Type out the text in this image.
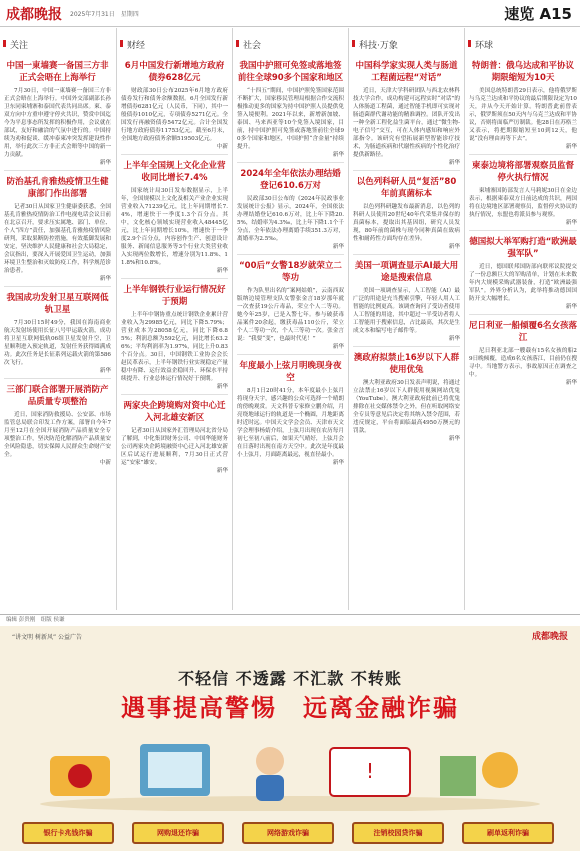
成都晚报 2025年7月31日　星期四	速览 A15
关注
中国一東墙赛一备国三方非正式会晤在上海举行
7月30日，中国一東墙赛一备国三方非正式会晤在上海举行。中国外交部副部长孙卫东同柬埔寨和泰国代表共同出席。柬、泰双方向中方重申遵守停火共识，赞赏中国迄今为平息事态所发挥的积极作用，会议就在部试，友好和融洽的气氛中进行的。中国持续为劝和促谈、缓冲泰柬冲突发挥建设性作用，举行此次三方非正式会晤等中国的新一力贡献。
新华
防治基孔肯雅热疫情卫生健康部门作出部署
记者30日从国家卫生健康委获悉，全国基孔肯雅热疫情防治工作电视电话会议日前在北京召开，要求压实属地、部门、单位、个人“四方”责任，加强基孔肯雅热疫情风险研判，采取果断防控措施，有效抵御发展和安定，坚决维护人民健康和社会大局稳定，会议指出，要深入开展爱国卫生运动，加强环境卫生整治和灭蚊防疫工作，科学规范诊治患者。
新华
我国成功发射卫星互联网低轨卫星
7月30日15时49分，我国在海南商业航天发射场使用长征八号甲运载火箭，成功将卫星互联网低轨06组卫星发射升空，卫星顺利进入预定轨道，发射任务获得圆满成功。此次任务是长征系列运载火箭的第586次飞行。
新华
三部门联合部署开展消防产品质量专项整治
近日，国家消防救援局、公安部、市场监管总局联合印发工作方案，部署自今年7月至12月在全国开展消防产品质量安全专项整治工作，坚决防范化解消防产品质量安全风险隐患，切实保障人民群众生命财产安全。
中新
财经
6月中国发行新增地方政府债券628亿元
财政部30日公布2025年6月地方政府债券发行和债务余额数据。6月全国发行新增债券6281亿元（人民币，下同），其中一般债券1010亿元，专项债券5271亿元。全国发行再融资债券5472亿元。合计全国发行地方政府债券11753亿元。截至6月末，全国地方政府债务余额519503亿元。
中新
上半年全国规上文化企业营收同比增长7.4%
国家统计局30日发布数据显示，上半年，全国规模以上文化及相关产业企业实现营业收入71239亿元，比上年同期增长7.4%，增速快于一季度1.3个百分点。其中，文化核心领域实现营业收入48445亿元，比上年同期增长10%，增速快于一季度2.9个百分点，内容创作生产、创意设计服务、新闻信息服务等3个行业大类营业收入实现两位数增长，增速分别为11.8%、11.8%和10.8%。
新华
上半年钢铁行业运行情况好于预期
上半年中钢协重点统计钢铁企业累计营业收入为29985亿元，同比下降5.79%；营业成本为28058亿元，同比下降6.85%；利润总额为592亿元，同比增长63.26%；平均利润率为1.97%，同比上升0.83个百分点。30日，中国钢铁工业协会会长赵民革表示，上半年钢铁行业实现稳定产量稳中有降、运行效益企稳回升、环保水平持续提升、行业总体运行情况好于预期。
新华
两家央企跨境购对资中心迁入河北雄安新区
记者30日从国家外汇管理局河北省分局了解到，中化集团财务公司、中国华能财务公司两家央企跨境融资中心迁入河北雄安新区后试运行进展顺利，7月30日正式营运“安家”雄安。
新华
社会
我国中护照可免签或落地签前往全球90多个国家和地区
“十四五”期间，中国护照免签国家范围不断扩大，国家移民管理局根据合作交流积极推动更多的国家为持中国护照人员提供免签入境便利。2021年以来，新增新加坡、泰国、马来西亚等10个免签入境国家，目前，持中国护照可免签或落地签前往全球90多个国家和地区，中国护照“含金量”持续提升。
新华
2024年全年依法办理结婚登记610.6万对
民政部30日公布的《2024年民政事业发展统计公报》显示，2024年，全国依法办理结婚登记610.6万对，比上年下降20.5%，结婚率为4.3‰，比上年下降1.1个千分点，全年依法办理离婚手续351.3万对，离婚率为2.5‰。
新华
“00后”女警18岁就荣立二等功
作为队里出名的“案网姑娘”，云南西双版纳边境管理支队女警张金言18岁那年就一次查获19公斤毒品，荣立个人二等功。她今年25岁，已是入警七年。参与破获毒品案件20余起，缴获毒品110公斤，荣立个人二等功一次，个人三等功一次。张金言说：“我要“变”，也最时代见！”
新华
年度最小上弦月明晚现身夜空
8月1日20时41分，本年度最小上弦月将现身天宇，感兴趣的公众可选择一个晴朗的傍晚观赏。天文科普专家修立鹏介绍，月亮绕地球运行的轨道是一个椭圆，月地距离时近时远。中国天文学会会员、天津市天文学会理事杨婧介绍，上弦月出现在农历每月初七至初八前后，如果天气晴好，上弦月会在日落时出现在南方天空中。此次是年度最小上弦月，月面距离最远，视直径最小。
新华
科技·万象
中国科学家实现人类与肠道工程菌远程“对话”
近日，天津大学科研团队与西北农林科技大学合作，成功构建可远程实时“对话”的人体肠道工程菌，通过智能手机即可实现对肠道菌群代谢功能的精准调控。团队开发出一种全新工程化益生菌平台，通过“微生物-电子信号”交互，可在人体内感知和响应外部指令。该研究有望拓展新型智能诊疗技术，为肠道疾病和代谢性疾病的个性化治疗提供新路径。
新华
以色列科研人员“复活”80年前真菌标本
以色列科研趣发布最新消息，以色列的科研人员使用20世纪40年代采集并保存的真菌标本，提取出其基因组，研究人员发现，80年前的菌株与现今同种真菌在致病性和耐药性方面均存在差异。
新华
美国一项调查显示AI最大用途是搜索信息
美国一项调查显示，人工智能（AI）最广泛的用途是充当搜索引擎，年轻人用人工智能的比例更高。该调查询问了受访者使用人工智能的用途，其中超过一半受访者将人工智能用于搜索信息，占比最高，其次是生成文本和编写电子邮件等。
新华
澳政府拟禁止16岁以下人群使用优兔
澳大利亚政府30日发表声明说，将通过立法禁止16岁以下人群使用视频网站优兔（YouTube）。澳大利亚政府此前已将优兔排除在社交媒体禁令之外，但在听取网络安全专员等意见后决定将其纳入禁令范围，若违反规定，平台将面临最高4950万澳元的罚款。
新华
环球
特朗普：俄乌达成和平协议期限缩短为10天
美国总统特朗普29日表示，他将俄罗斯与乌克兰达成和平协议的最后期限设定为10天，并从今天开始计算。特朗普此前曾表示，俄罗斯须在50天内与乌克兰达成和平协议，否则将面临严厉制裁。他28日在苏格兰又表示，将把期限缩短至10到12天，他说“没有理由再等下去”。
新华
柬泰边境将部署观察员监督停火执行情况
柬埔寨国防部发言人马莉妮30日在金边表示，根据柬泰双方日前达成的共识，两国将在边境地区部署观察员，监督停火协议的执行情况，东盟也将派员参与观察。
新华
德国拟大举军购打造“欧洲最强军队”
近日，德国联邦国防部向联邦议院提交了一份总额巨大的军购清单，计划在未来数年内大规模采购武器装备，打造“欧洲最强军队”。外界分析认为，此举将推动德国国防开支大幅增长。
新华
尼日利亚一船倾覆6名女孩落江
尼日利亚北部一艘载有15名女孩的船29日晚倾覆，造成6名女孩落江，目前仍在搜寻中。当地警方表示，事故原因正在调查之中。
新华
编辑 彭贵刚　组版 侯谦
“讲文明 树新风” 公益广告	成都晚报
不轻信 不透露 不汇款 不转账
遇事提高警惕　远离金融诈骗
!
银行卡兆钱诈骗	网购退还诈骗	网络游戏诈骗	注销校园贷诈骗	刷单返利诈骗
